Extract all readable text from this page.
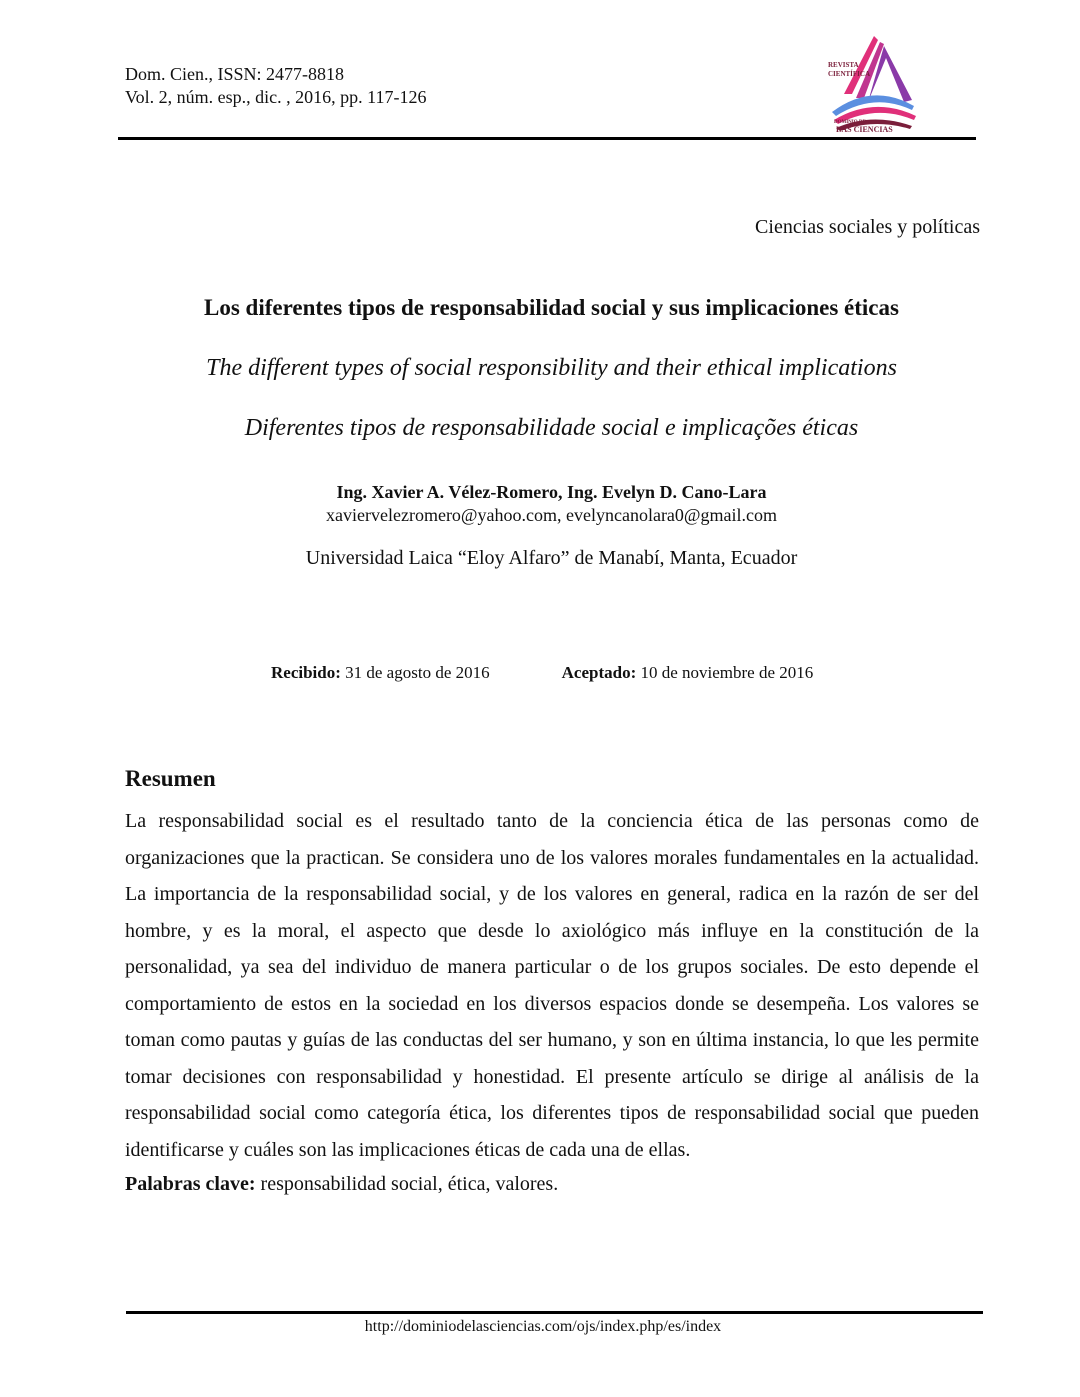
Dom. Cien., ISSN: 2477-8818
Vol. 2, núm. esp., dic. , 2016, pp. 117-126
REVISTA
CIENTÍFICA
DOMINIO DE
LAS CIENCIAS
Ciencias sociales y políticas
Los diferentes tipos de responsabilidad social y sus implicaciones éticas
The different types of social responsibility and their ethical implications
Diferentes tipos de responsabilidade social e implicações éticas
Ing. Xavier A. Vélez-Romero, Ing. Evelyn D. Cano-Lara
xaviervelezromero@yahoo.com, evelyncanolara0@gmail.com
Universidad Laica “Eloy Alfaro” de Manabí, Manta, Ecuador
Recibido: 31 de agosto de 2016	Aceptado: 10 de noviembre de 2016
Resumen

La responsabilidad social es el resultado tanto de la conciencia ética de las personas como de organizaciones que la practican. Se considera uno de los valores morales fundamentales en la actualidad. La importancia de la responsabilidad social, y de los valores en general, radica en la razón de ser del hombre, y es la moral, el aspecto que desde lo axiológico más influye en la constitución de la personalidad, ya sea del individuo de manera particular o de los grupos sociales. De esto depende el comportamiento de estos en la sociedad en los diversos espacios donde se desempeña. Los valores se toman como pautas y guías de las conductas del ser humano, y son en última instancia, lo que les permite tomar decisiones con responsabilidad y honestidad. El presente artículo se dirige al análisis de la responsabilidad social como categoría ética, los diferentes tipos de responsabilidad social que pueden identificarse y cuáles son las implicaciones éticas de cada una de ellas.

Palabras clave: responsabilidad social, ética, valores.
http://dominiodelasciencias.com/ojs/index.php/es/index
